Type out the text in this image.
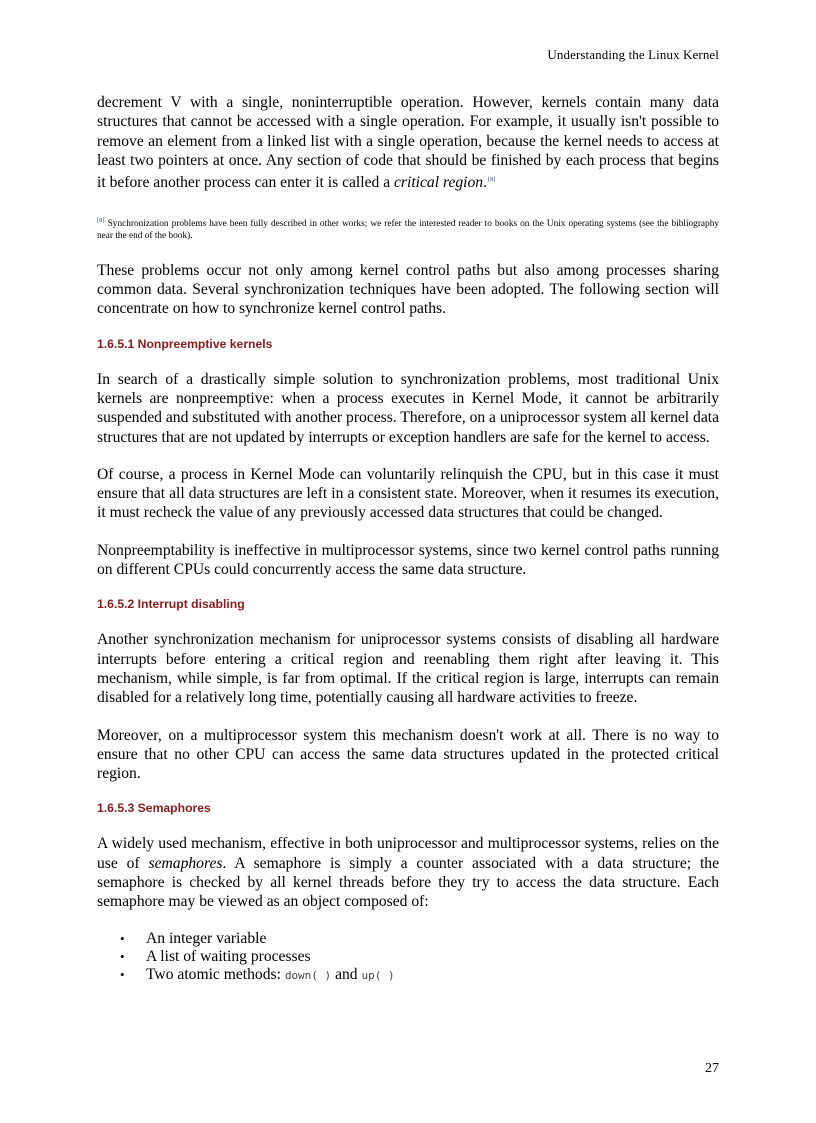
Understanding the Linux Kernel

decrement V with a single, noninterruptible operation. However, kernels contain many data structures that cannot be accessed with a single operation. For example, it usually isn't possible to remove an element from a linked list with a single operation, because the kernel needs to access at least two pointers at once. Any section of code that should be finished by each process that begins it before another process can enter it is called a critical region.[8]

[8] Synchronization problems have been fully described in other works; we refer the interested reader to books on the Unix operating systems (see the bibliography near the end of the book).

These problems occur not only among kernel control paths but also among processes sharing common data. Several synchronization techniques have been adopted. The following section will concentrate on how to synchronize kernel control paths.

1.6.5.1 Nonpreemptive kernels

In search of a drastically simple solution to synchronization problems, most traditional Unix kernels are nonpreemptive: when a process executes in Kernel Mode, it cannot be arbitrarily suspended and substituted with another process. Therefore, on a uniprocessor system all kernel data structures that are not updated by interrupts or exception handlers are safe for the kernel to access.

Of course, a process in Kernel Mode can voluntarily relinquish the CPU, but in this case it must ensure that all data structures are left in a consistent state. Moreover, when it resumes its execution, it must recheck the value of any previously accessed data structures that could be changed.

Nonpreemptability is ineffective in multiprocessor systems, since two kernel control paths running on different CPUs could concurrently access the same data structure.

1.6.5.2 Interrupt disabling

Another synchronization mechanism for uniprocessor systems consists of disabling all hardware interrupts before entering a critical region and reenabling them right after leaving it. This mechanism, while simple, is far from optimal. If the critical region is large, interrupts can remain disabled for a relatively long time, potentially causing all hardware activities to freeze.

Moreover, on a multiprocessor system this mechanism doesn't work at all. There is no way to ensure that no other CPU can access the same data structures updated in the protected critical region.

1.6.5.3 Semaphores

A widely used mechanism, effective in both uniprocessor and multiprocessor systems, relies on the use of semaphores. A semaphore is simply a counter associated with a data structure; the semaphore is checked by all kernel threads before they try to access the data structure. Each semaphore may be viewed as an object composed of:

• An integer variable
• A list of waiting processes
• Two atomic methods: down( ) and up( )
27
